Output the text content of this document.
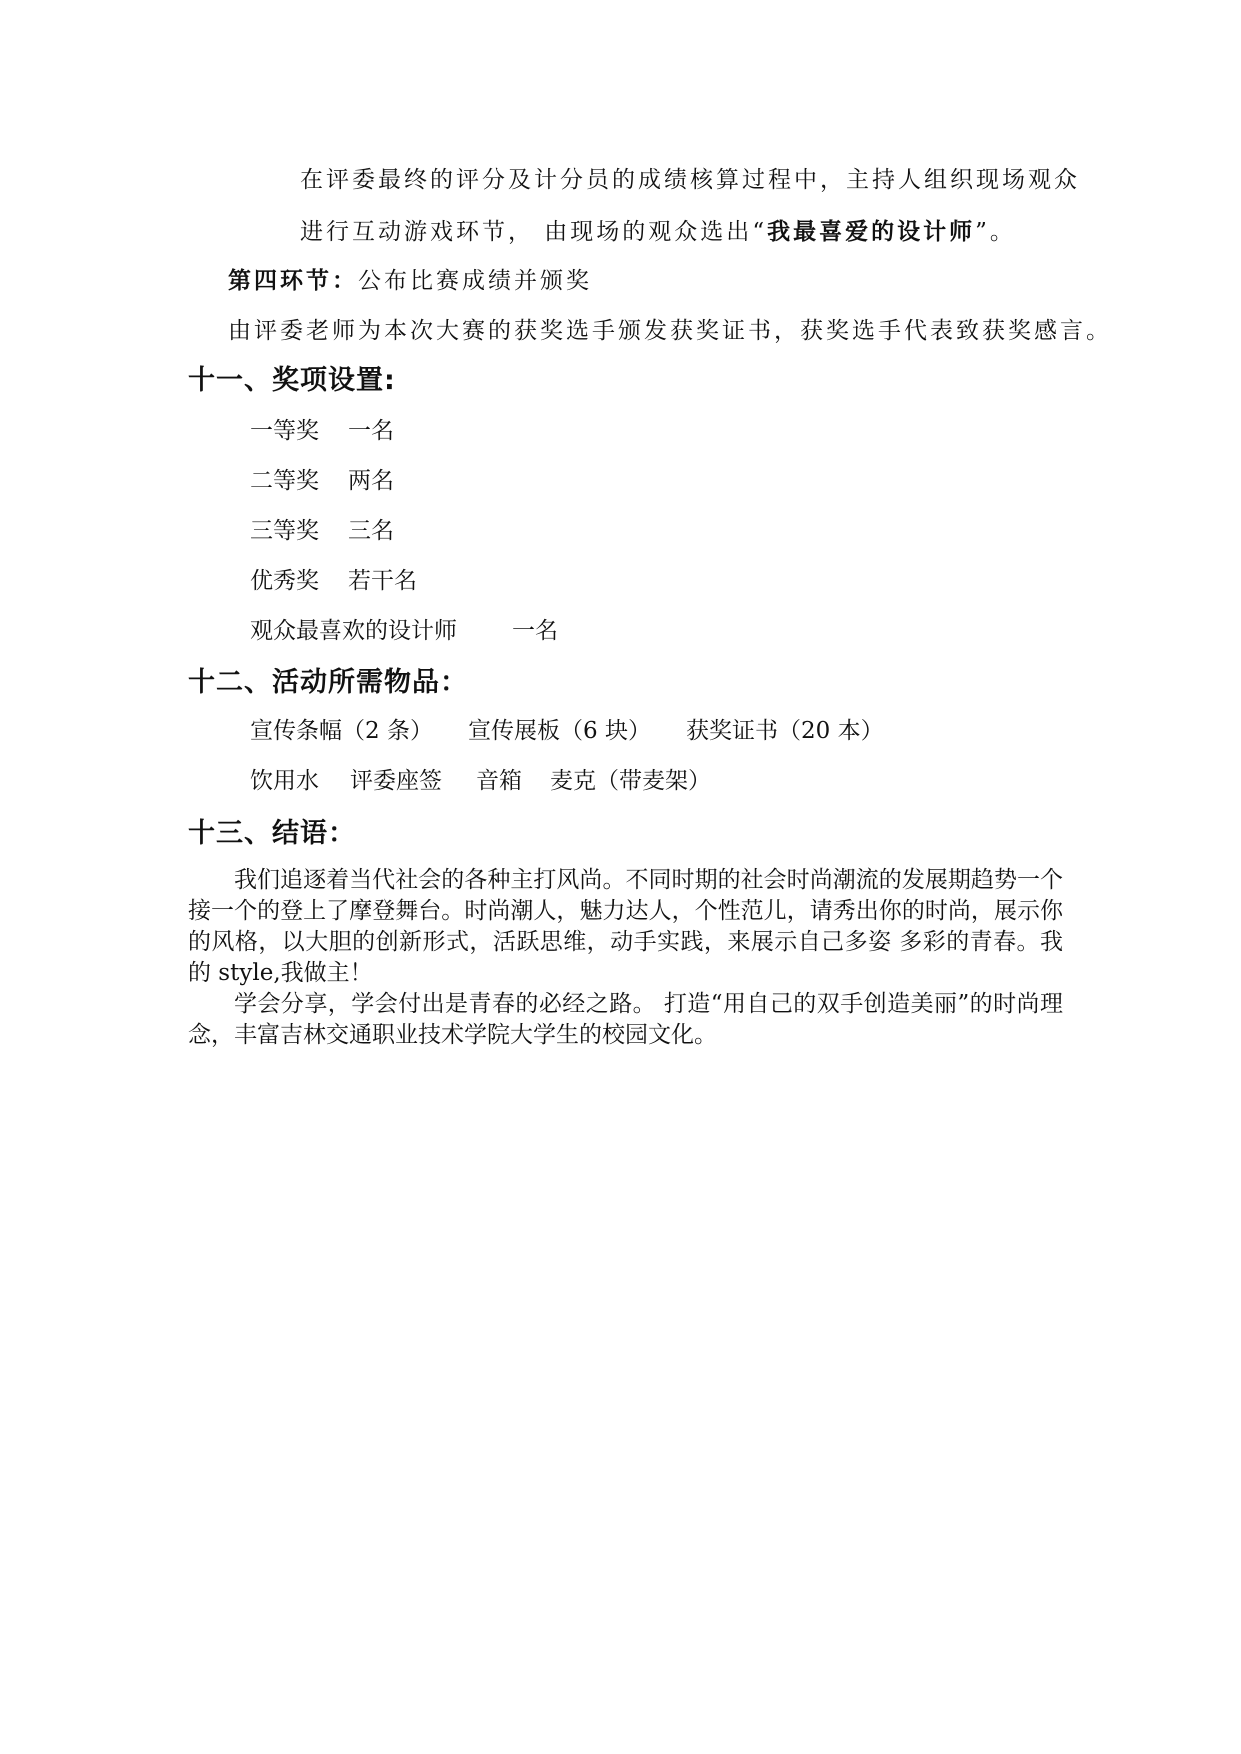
在评委最终的评分及计分员的成绩核算过程中，主持人组织现场观众
进行互动游戏环节， 由现场的观众选出“我最喜爱的设计师”。
第四环节：公布比赛成绩并颁奖
由评委老师为本次大赛的获奖选手颁发获奖证书，获奖选手代表致获奖感言。
十一、奖项设置:
一等奖 一名
二等奖 两名
三等奖 三名
优秀奖 若干名
观众最喜欢的设计师 一名
十二、活动所需物品：
宣传条幅（2 条） 宣传展板（6 块） 获奖证书（20 本）
饮用水 评委座签 音箱 麦克（带麦架）
十三、结语：

我们追逐着当代社会的各种主打风尚。不同时期的社会时尚潮流的发展期趋势一个接一个的登上了摩登舞台。时尚潮人，魅力达人，个性范儿，请秀出你的时尚，展示你的风格，以大胆的创新形式，活跃思维，动手实践，来展示自己多姿 多彩的青春。我的 style,我做主！

学会分享，学会付出是青春的必经之路。 打造“用自己的双手创造美丽”的时尚理念，丰富吉林交通职业技术学院大学生的校园文化。
